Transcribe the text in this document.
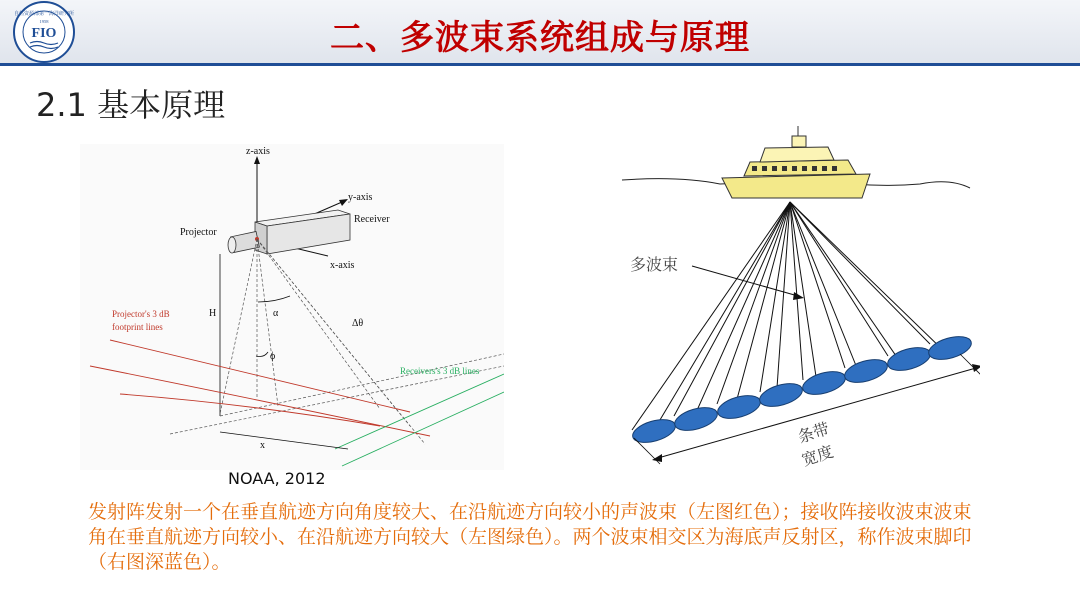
自然资源部第一海洋研究所
1958
FIO	二、多波束系统组成与原理
2.1 基本原理
z-axis
y-axis
x-axis
Receiver
Projector
H	α
ϕ
Δθ
Projector's 3 dB
footprint lines
Receivers's 3 dB lines
x
NOAA, 2012
多波束
条带
宽度
发射阵发射一个在垂直航迹方向角度较大、在沿航迹方向较小的声波束（左图红色）；接收阵接收波束波束角在垂直航迹方向较小、在沿航迹方向较大（左图绿色）。两个波束相交区为海底声反射区，称作波束脚印（右图深蓝色）。
